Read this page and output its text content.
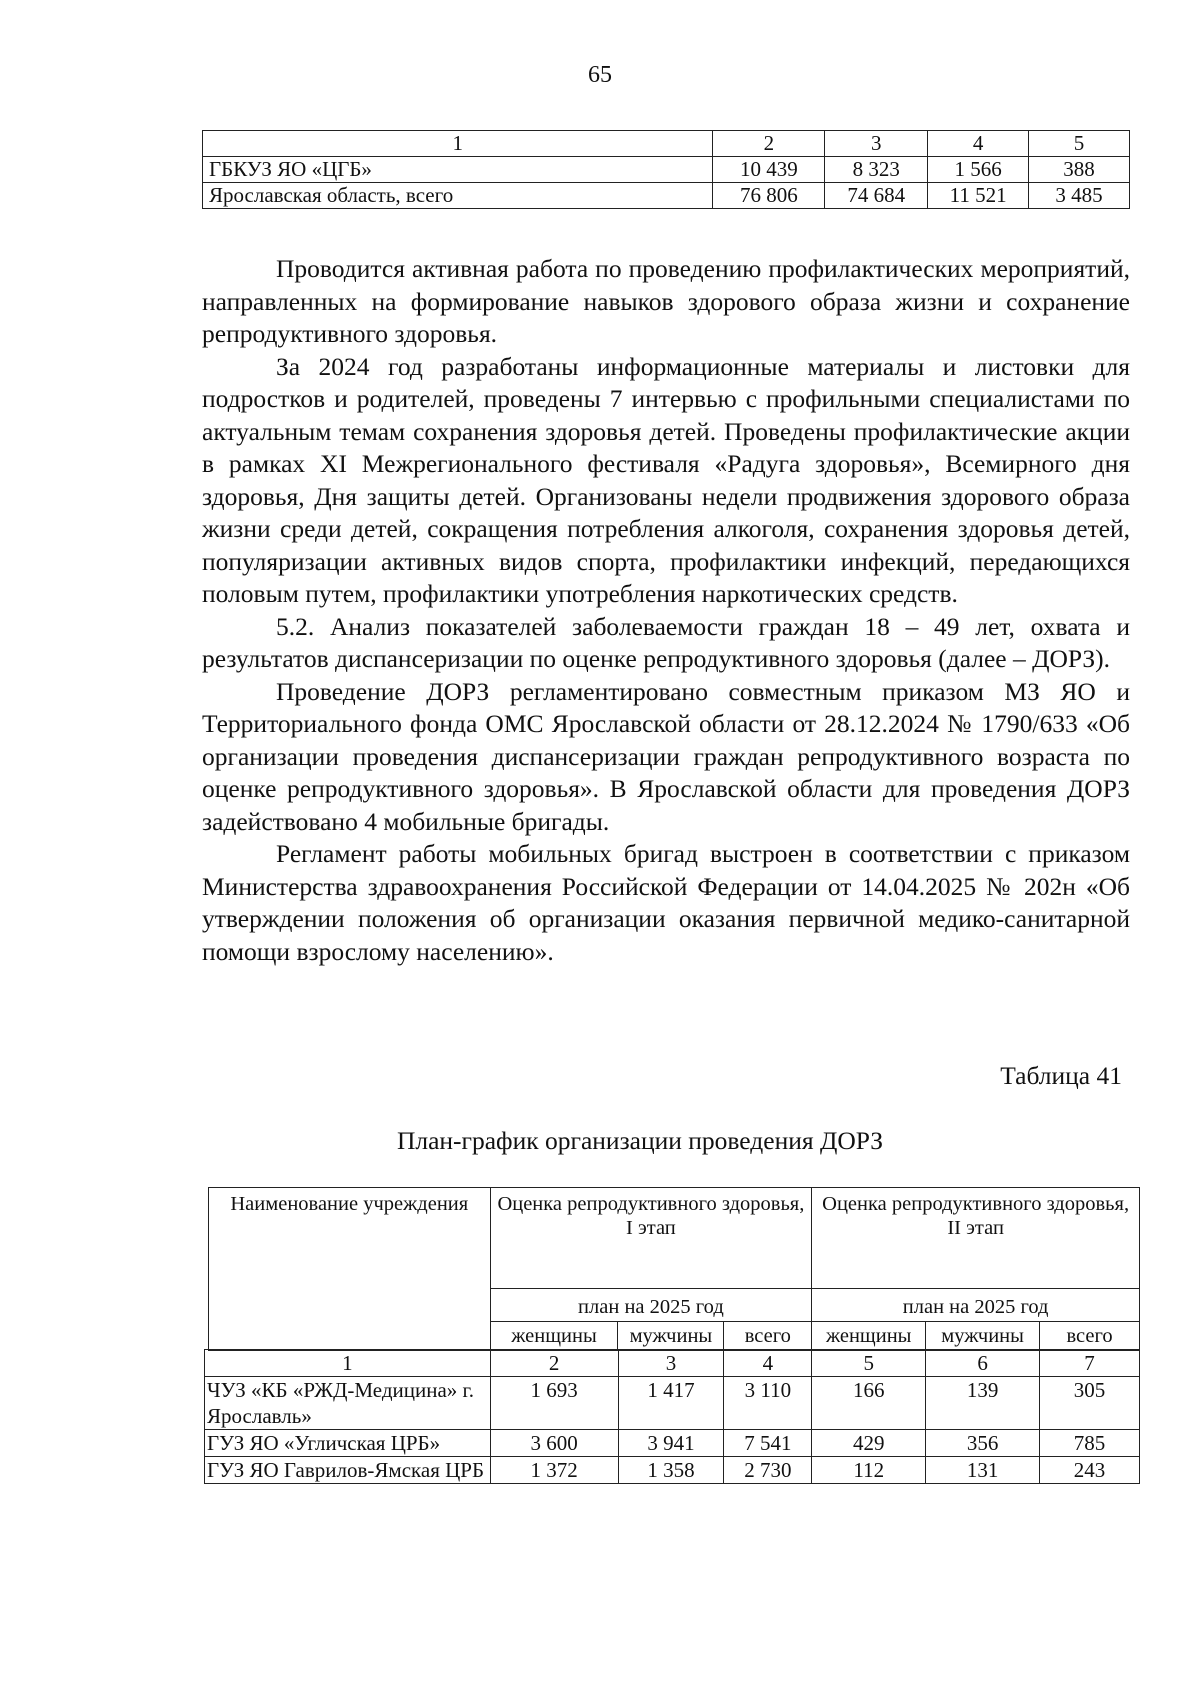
65
1	2	3	4	5
ГБКУЗ ЯО «ЦГБ»	10 439	8 323	1 566	388
Ярославская область, всего	76 806	74 684	11 521	3 485

Проводится активная работа по проведению профилактических мероприятий, направленных на формирование навыков здорового образа жизни и сохранение репродуктивного здоровья.

За 2024 год разработаны информационные материалы и листовки для подростков и родителей, проведены 7 интервью с профильными специалистами по актуальным темам сохранения здоровья детей. Проведены профилактические акции в рамках XI Межрегионального фестиваля «Радуга здоровья», Всемирного дня здоровья, Дня защиты детей. Организованы недели продвижения здорового образа жизни среди детей, сокращения потребления алкоголя, сохранения здоровья детей, популяризации активных видов спорта, профилактики инфекций, передающихся половым путем, профилактики употребления наркотических средств.

5.2. Анализ показателей заболеваемости граждан 18 – 49 лет, охвата и результатов диспансеризации по оценке репродуктивного здоровья (далее – ДОРЗ).

Проведение ДОРЗ регламентировано совместным приказом МЗ ЯО и Территориального фонда ОМС Ярославской области от 28.12.2024 № 1790/633 «Об организации проведения диспансеризации граждан репродуктивного возраста по оценке репродуктивного здоровья». В Ярославской области для проведения ДОРЗ задействовано 4 мобильные бригады.

Регламент работы мобильных бригад выстроен в соответствии с приказом Министерства здравоохранения Российской Федерации от 14.04.2025 № 202н «Об утверждении положения об организации оказания первичной медико-санитарной помощи взрослому населению».

Таблица 41
План-график организации проведения ДОРЗ
Наименование учреждения	Оценка репродуктивного здоровья, I этап			Оценка репродуктивного здоровья, II этап		
	план на 2025 год			план на 2025 год		
	женщины	мужчины	всего	женщины	мужчины	всего
1	2	3	4	5	6	7
ЧУЗ «КБ «РЖД-Медицина» г. Ярославль»	1 693	1 417	3 110	166	139	305
ГУЗ ЯО «Угличская ЦРБ»	3 600	3 941	7 541	429	356	785
ГУЗ ЯО Гаврилов-Ямская ЦРБ	1 372	1 358	2 730	112	131	243
